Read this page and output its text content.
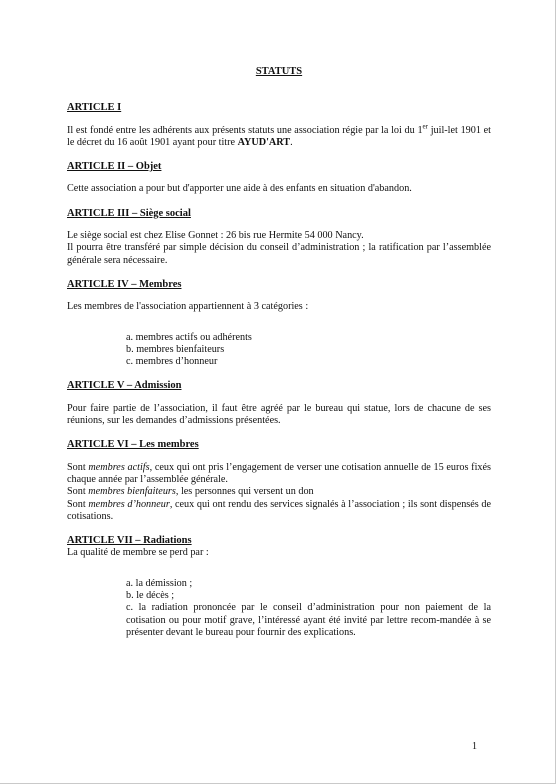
STATUTS
ARTICLE I

Il est fondé entre les adhérents aux présents statuts une association régie par la loi du 1er juil-let 1901 et le décret du 16 août 1901 ayant pour titre AYUD'ART.

ARTICLE II – Objet

Cette association a pour but d'apporter une aide à des enfants en situation d'abandon.

ARTICLE III – Siège social

Le siège social est chez Elise Gonnet : 26 bis rue Hermite 54 000 Nancy.

Il pourra être transféré par simple décision du conseil d’administration ; la ratification par l’assemblée générale sera nécessaire.

ARTICLE IV – Membres

Les membres de l'association appartiennent à 3 catégories :

a. membres actifs ou adhérents
b. membres bienfaiteurs
c. membres d’honneur
ARTICLE V – Admission

Pour faire partie de l’association, il faut être agréé par le bureau qui statue, lors de chacune de ses réunions, sur les demandes d’admissions présentées.

ARTICLE VI – Les membres

Sont membres actifs, ceux qui ont pris l’engagement de verser une cotisation annuelle de 15 euros fixés chaque année par l’assemblée générale.

Sont membres bienfaiteurs, les personnes qui versent un don

Sont membres d’honneur, ceux qui ont rendu des services signalés à l’association ; ils sont dispensés de cotisations.

ARTICLE VII – Radiations

La qualité de membre se perd par :

a. la démission ;
b. le décès ;
c. la radiation prononcée par le conseil d’administration pour non paiement de la cotisation ou pour motif grave, l’intéressé ayant été invité par lettre recom-mandée à se présenter devant le bureau pour fournir des explications.
1
